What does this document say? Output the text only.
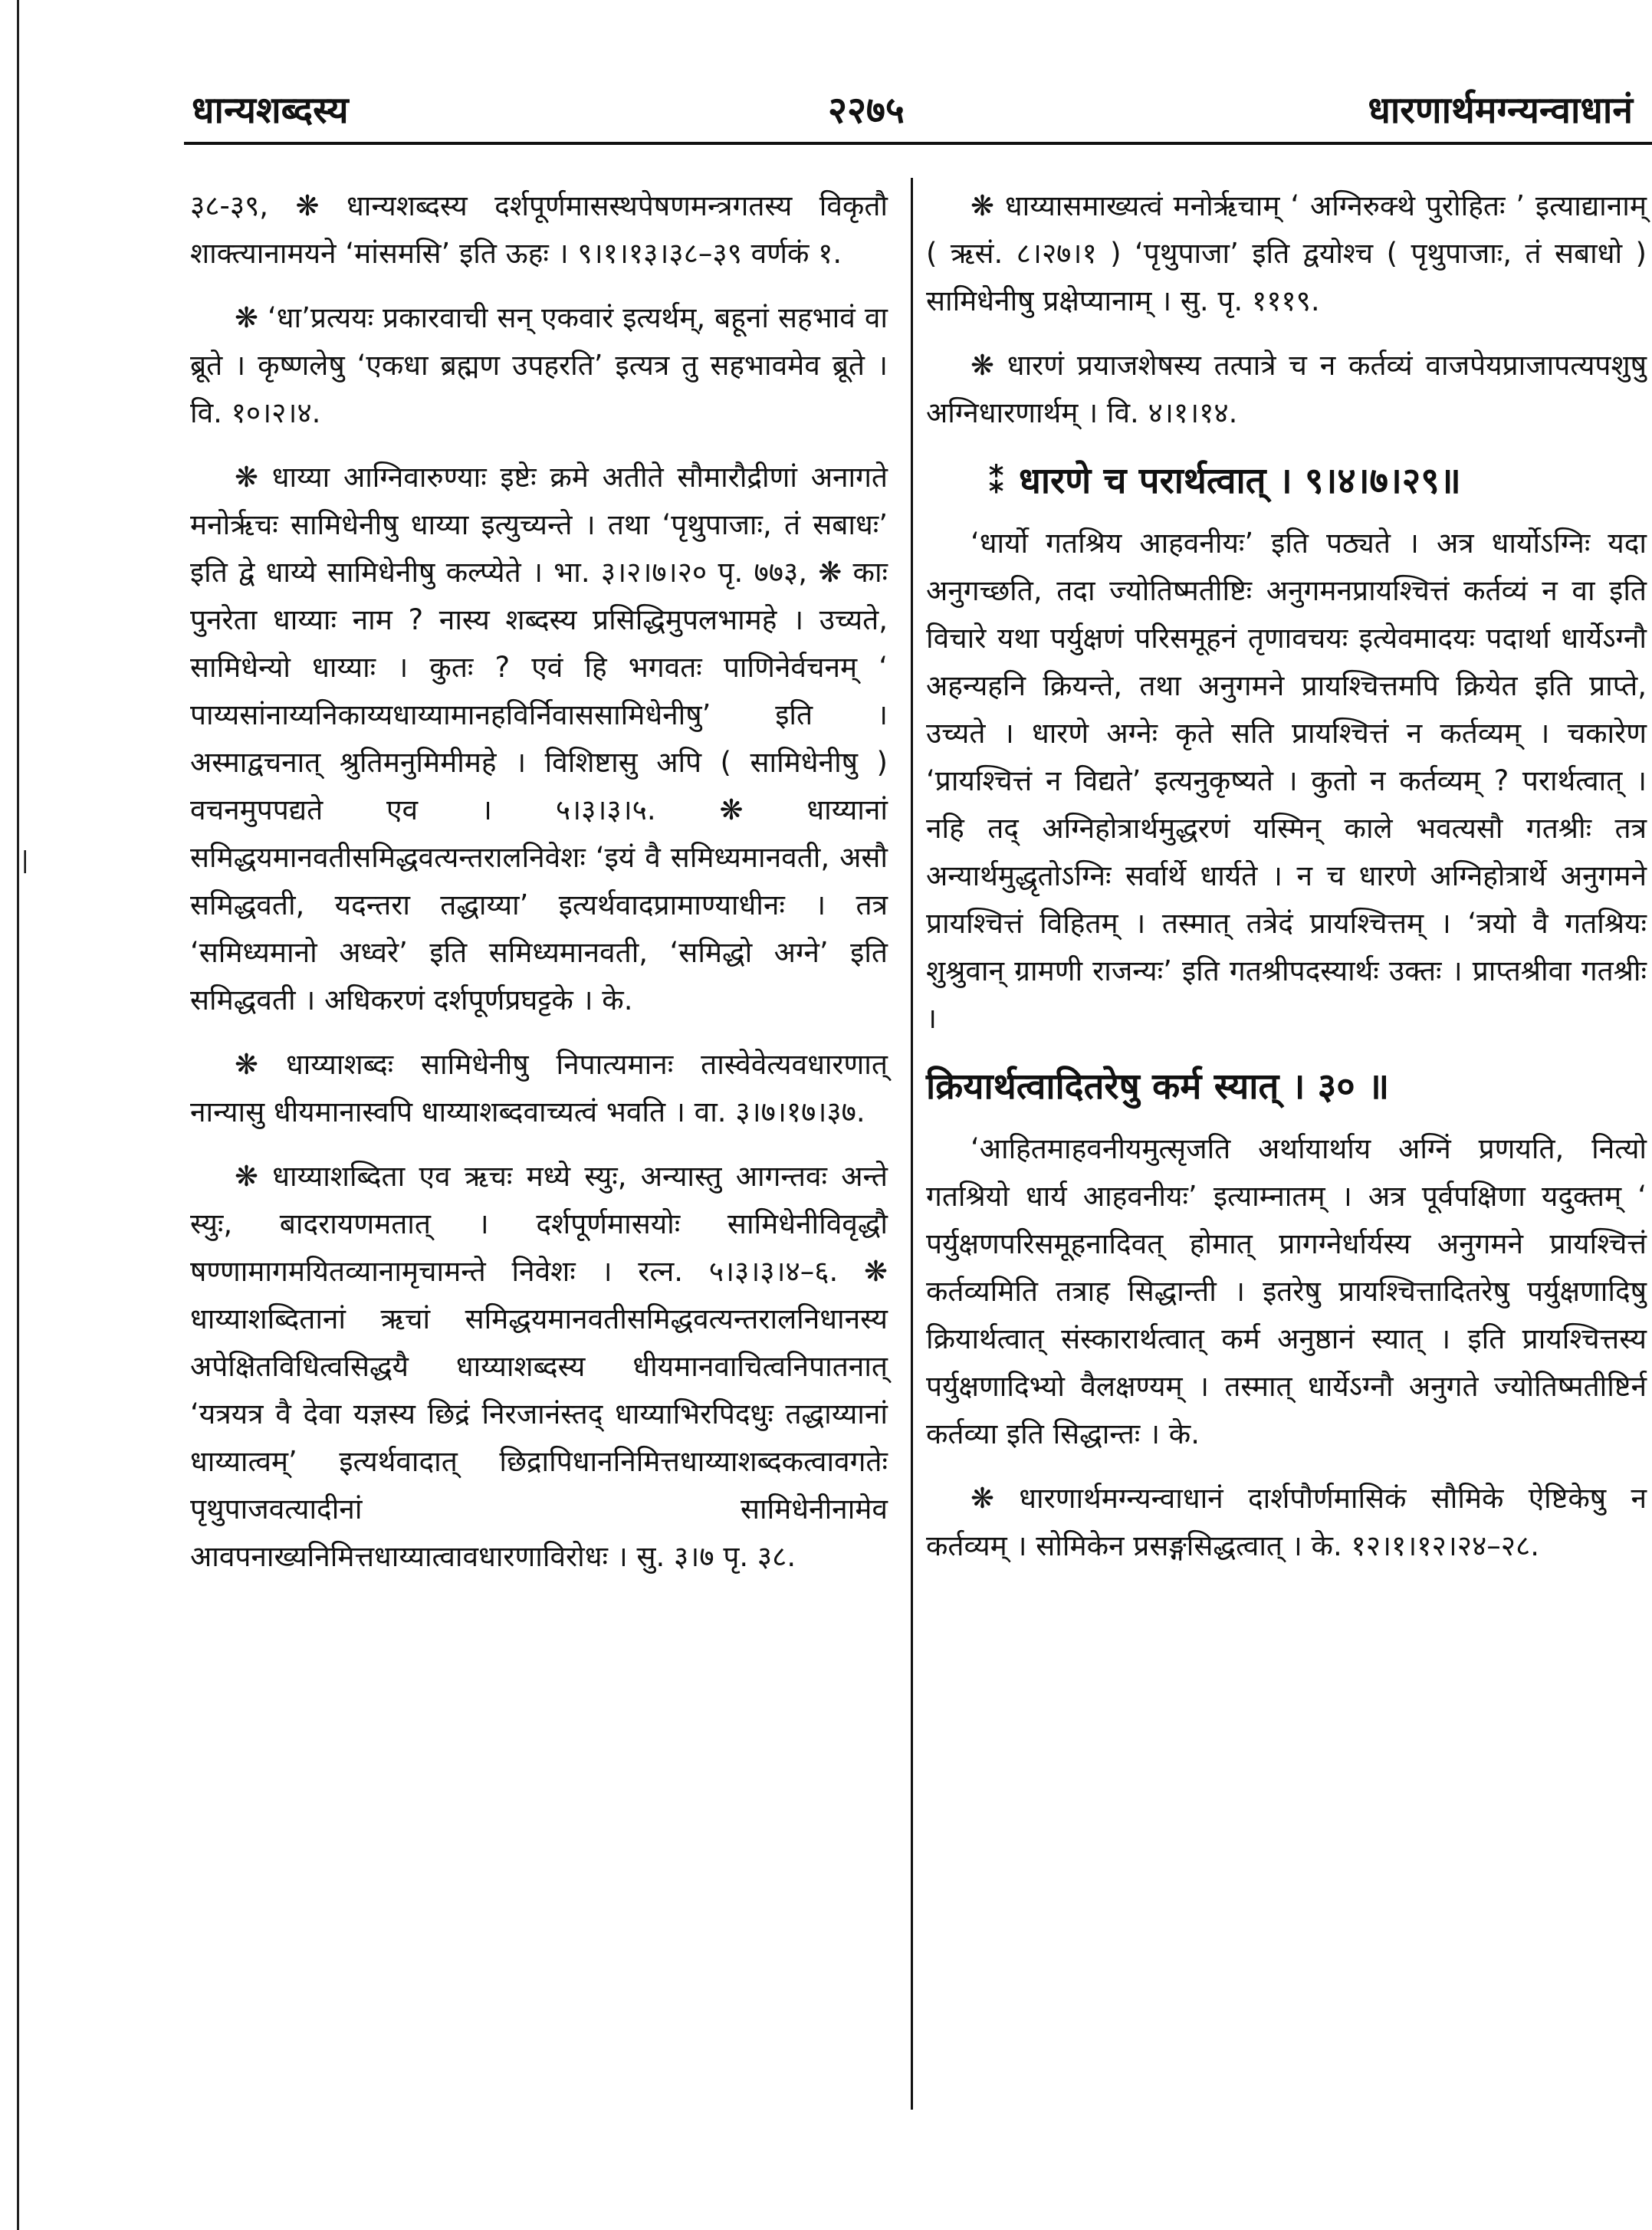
❘
धान्यशब्दस्य	२२७५	धारणार्थमग्न्यन्वाधानं

३८-३९, ❋ धान्यशब्दस्य दर्शपूर्णमासस्थपेषणमन्त्रगतस्य विकृतौ शाक्त्यानामयने ‘मांसमसि’ इति ऊहः । ९।१।१३।३८–३९ वर्णकं १.

❋ ‘धा’प्रत्ययः प्रकारवाची सन् एकवारं इत्यर्थम्, बहूनां सहभावं वा ब्रूते । कृष्णलेषु ‘एकधा ब्रह्मण उपहरति’ इत्यत्र तु सहभावमेव ब्रूते । वि. १०।२।४.

❋ धाय्या आग्निवारुण्याः इष्टेः क्रमे अतीते सौमारौद्रीणां अनागते मनोर्ऋचः सामिधेनीषु धाय्या इत्युच्यन्ते । तथा ‘पृथुपाजाः, तं सबाधः’ इति द्वे धाय्ये सामिधेनीषु कल्प्येते । भा. ३।२।७।२० पृ. ७७३, ❋ काः पुनरेता धाय्याः नाम ? नास्य शब्दस्य प्रसिद्धिमुपलभामहे । उच्यते, सामिधेन्यो धाय्याः । कुतः ? एवं हि भगवतः पाणिनेर्वचनम् ‘ पाय्यसांनाय्यनिकाय्यधाय्यामानहविर्निवाससामिधेनीषु’ इति । अस्माद्वचनात् श्रुतिमनुमिमीमहे । विशिष्टासु अपि ( सामिधेनीषु ) वचनमुपपद्यते एव । ५।३।३।५. ❋ धाय्यानां समिद्धयमानवतीसमिद्धवत्यन्तरालनिवेशः ‘इयं वै समिध्यमानवती, असौ समिद्धवती, यदन्तरा तद्धाय्या’ इत्यर्थवादप्रामाण्याधीनः । तत्र ‘समिध्यमानो अध्वरे’ इति समिध्यमानवती, ‘समिद्धो अग्ने’ इति समिद्धवती । अधिकरणं दर्शपूर्णप्रघट्टके । के.

❋ धाय्याशब्दः सामिधेनीषु निपात्यमानः तास्वेवेत्यवधारणात् नान्यासु धीयमानास्वपि धाय्याशब्दवाच्यत्वं भवति । वा. ३।७।१७।३७.

❋ धाय्याशब्दिता एव ऋचः मध्ये स्युः, अन्यास्तु आगन्तवः अन्ते स्युः, बादरायणमतात् । दर्शपूर्णमासयोः सामिधेनीविवृद्धौ षण्णामागमयितव्यानामृचामन्ते निवेशः । रत्न. ५।३।३।४–६. ❋ धाय्याशब्दितानां ऋचां समिद्धयमानवतीसमिद्धवत्यन्तरालनिधानस्य अपेक्षितविधित्वसिद्धयै धाय्याशब्दस्य धीयमानवाचित्वनिपातनात् ‘यत्रयत्र वै देवा यज्ञस्य छिद्रं निरजानंस्तद् धाय्याभिरपिदधुः तद्धाय्यानां धाय्यात्वम्’ इत्यर्थवादात् छिद्रापिधाननिमित्तधाय्याशब्दकत्वावगतेः पृथुपाजवत्यादीनां सामिधेनीनामेव आवपनाख्यनिमित्तधाय्यात्वावधारणाविरोधः । सु. ३।७ पृ. ३८.

❋ धाय्यासमाख्यत्वं मनोर्ऋचाम् ‘ अग्निरुक्थे पुरोहितः ’ इत्याद्यानाम् ( ऋसं. ८।२७।१ ) ‘पृथुपाजा’ इति द्वयोश्च ( पृथुपाजाः, तं सबाधो ) सामिधेनीषु प्रक्षेप्यानाम् । सु. पृ. १११९.

❋ धारणं प्रयाजशेषस्य तत्पात्रे च न कर्तव्यं वाजपेयप्राजापत्यपशुषु अग्निधारणार्थम् । वि. ४।१।१४.

⁑ धारणे च परार्थत्वात् । ९।४।७।२९॥

‘धार्यो गतश्रिय आहवनीयः’ इति पठ्यते । अत्र धार्योऽग्निः यदा अनुगच्छति, तदा ज्योतिष्मतीष्टिः अनुगमनप्रायश्चित्तं कर्तव्यं न वा इति विचारे यथा पर्युक्षणं परिसमूहनं तृणावचयः इत्येवमादयः पदार्था धार्येऽग्नौ अहन्यहनि क्रियन्ते, तथा अनुगमने प्रायश्चित्तमपि क्रियेत इति प्राप्ते, उच्यते । धारणे अग्नेः कृते सति प्रायश्चित्तं न कर्तव्यम् । चकारेण ‘प्रायश्चित्तं न विद्यते’ इत्यनुकृष्यते । कुतो न कर्तव्यम् ? परार्थत्वात् । नहि तद् अग्निहोत्रार्थमुद्धरणं यस्मिन् काले भवत्यसौ गतश्रीः तत्र अन्यार्थमुद्धृतोऽग्निः सर्वार्थे धार्यते । न च धारणे अग्निहोत्रार्थे अनुगमने प्रायश्चित्तं विहितम् । तस्मात् तत्रेदं प्रायश्चित्तम् । ‘त्रयो वै गतश्रियः शुश्रुवान् ग्रामणी राजन्यः’ इति गतश्रीपदस्यार्थः उक्तः । प्राप्तश्रीवा गतश्रीः ।

क्रियार्थत्वादितरेषु कर्म स्यात् । ३० ॥

‘आहितमाहवनीयमुत्सृजति अर्थायार्थाय अग्निं प्रणयति, नित्यो गतश्रियो धार्य आहवनीयः’ इत्याम्नातम् । अत्र पूर्वपक्षिणा यदुक्तम् ‘ पर्युक्षणपरिसमूहनादिवत् होमात् प्रागग्नेर्धार्यस्य अनुगमने प्रायश्चित्तं कर्तव्यमिति तत्राह सिद्धान्ती । इतरेषु प्रायश्चित्तादितरेषु पर्युक्षणादिषु क्रियार्थत्वात् संस्कारार्थत्वात् कर्म अनुष्ठानं स्यात् । इति प्रायश्चित्तस्य पर्युक्षणादिभ्यो वैलक्षण्यम् । तस्मात् धार्येऽग्नौ अनुगते ज्योतिष्मतीष्टिर्न कर्तव्या इति सिद्धान्तः । के.

❋ धारणार्थमग्न्यन्वाधानं दार्शपौर्णमासिकं सौमिके ऐष्टिकेषु न कर्तव्यम् । सोमिकेन प्रसङ्गसिद्धत्वात् । के. १२।१।१२।२४–२८.
